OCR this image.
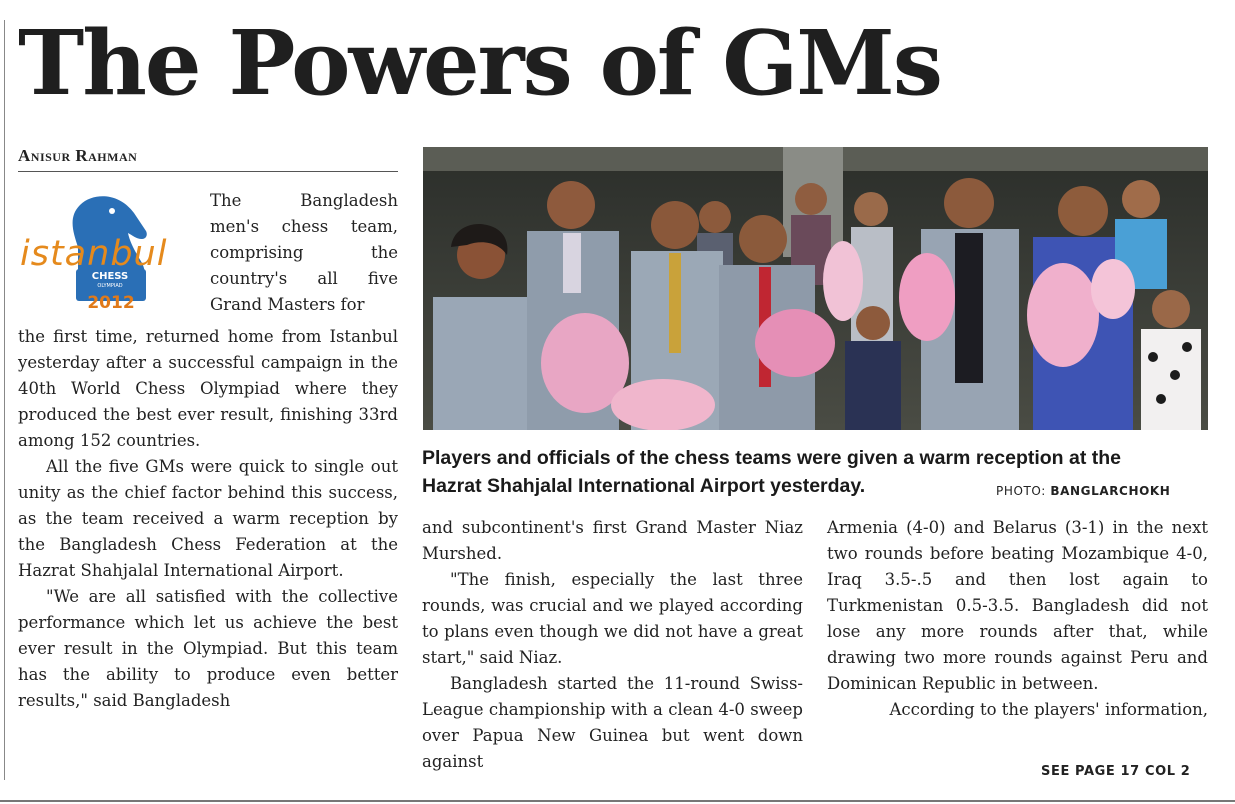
The Powers of GMs
Anisur Rahman
istanbul
CHESS
OLYMPIAD
2012

The Bangladesh men's chess team, comprising the country's all five Grand Masters for

the first time, returned home from Istanbul yesterday after a successful campaign in the 40th World Chess Olympiad where they produced the best ever result, finishing 33rd among 152 countries.

All the five GMs were quick to single out unity as the chief factor behind this success, as the team received a warm reception by the Bangladesh Chess Federation at the Hazrat Shahjalal International Airport.

"We are all satisfied with the collective performance which let us achieve the best ever result in the Olympiad. But this team has the ability to produce even better results," said Bangladesh

Players and officials of the chess teams were given a warm reception at the
Hazrat Shahjalal International Airport yesterday.	PHOTO: BANGLARCHOKH

and subcontinent's first Grand Master Niaz Murshed.

"The finish, especially the last three rounds, was crucial and we played according to plans even though we did not have a great start," said Niaz.

Bangladesh started the 11-round Swiss-League championship with a clean 4-0 sweep over Papua New Guinea but went down against

Armenia (4-0) and Belarus (3-1) in the next two rounds before beating Mozambique 4-0, Iraq 3.5-.5 and then lost again to Turkmenistan 0.5-3.5. Bangladesh did not lose any more rounds after that, while drawing two more rounds against Peru and Dominican Republic in between.

According to the players' information,

SEE PAGE 17 COL 2
